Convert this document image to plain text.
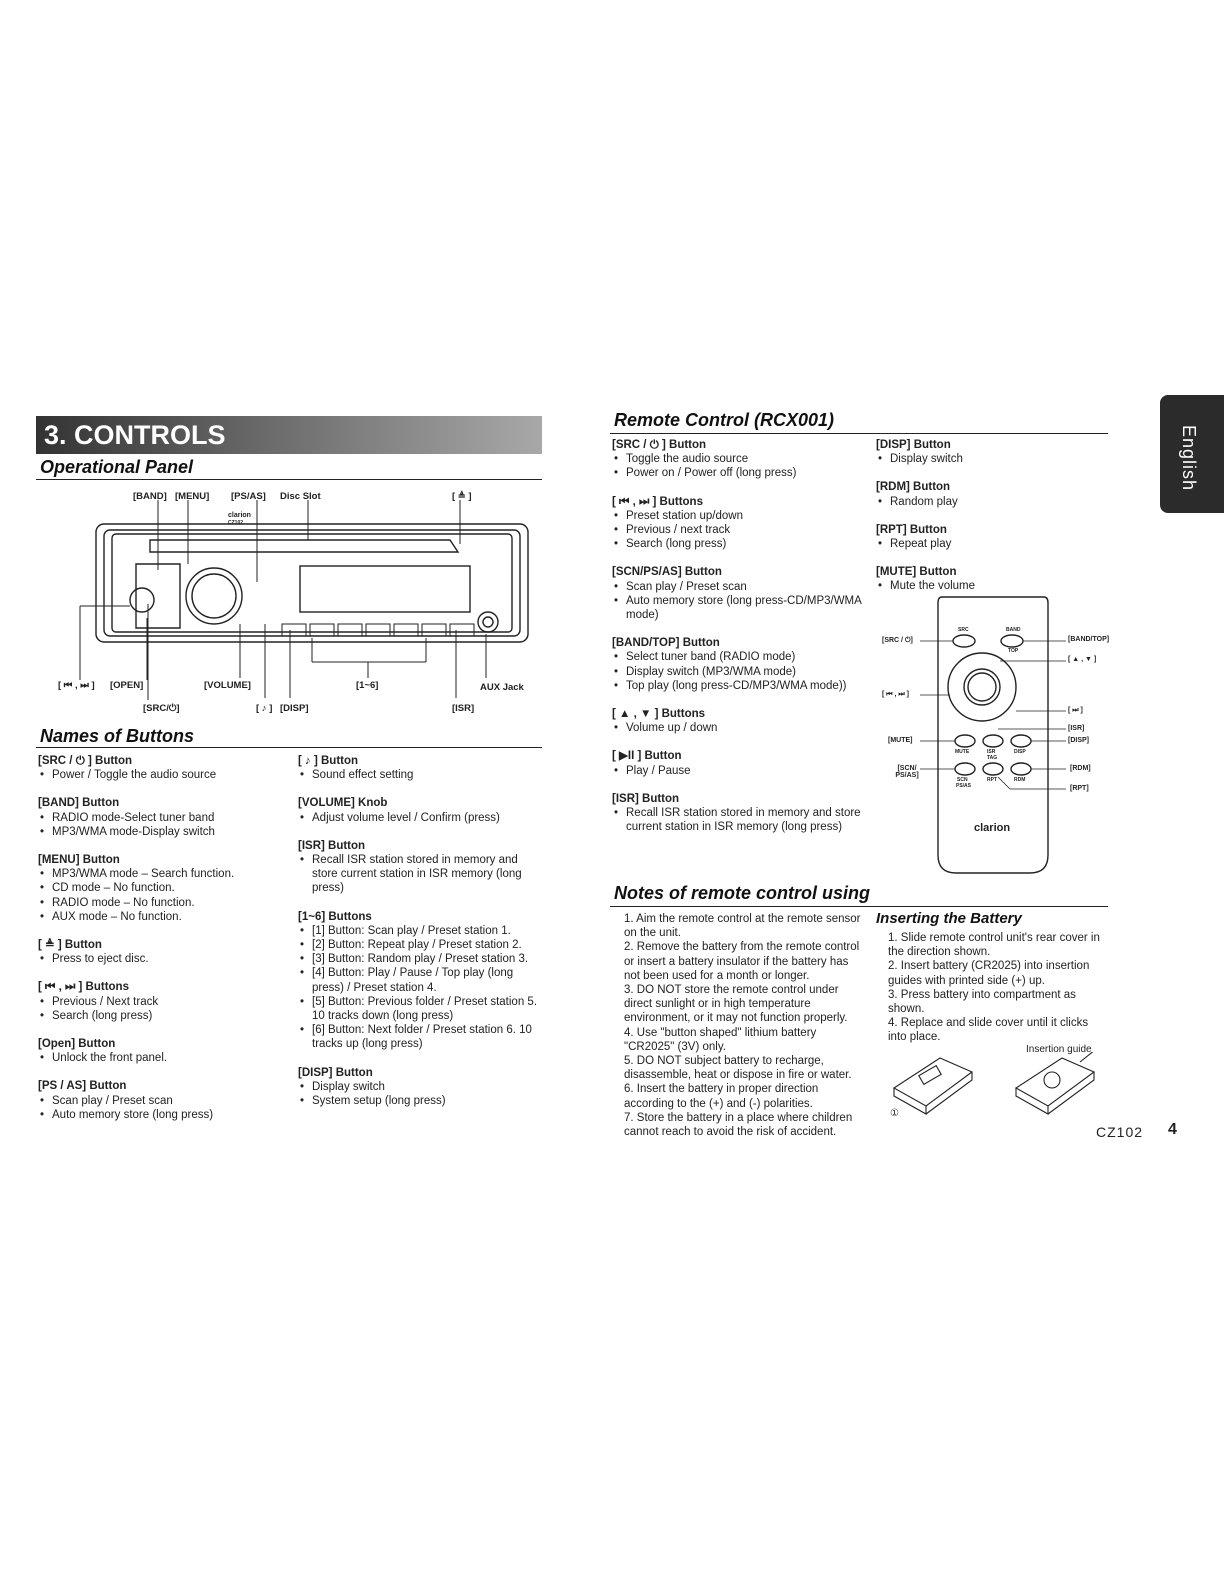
English
3. CONTROLS
Operational Panel
[BAND] [MENU] [PS/AS] Disc Slot	[ ≜ ]
clarion
CZ102
[ ⏮ , ⏭ ] [OPEN]	[VOLUME]	[1~6]	AUX Jack
[SRC/⏻]	[ ♪ ] [DISP]	[ISR]
Names of Buttons
[SRC / ⏻ ] Button
• Power / Toggle the audio source
[BAND] Button
• RADIO mode-Select tuner band
• MP3/WMA mode-Display switch
[MENU] Button
• MP3/WMA mode – Search function.
• CD mode – No function.
• RADIO mode – No function.
• AUX mode – No function.
[ ≜ ] Button
• Press to eject disc.
[ ⏮ , ⏭ ] Buttons
• Previous / Next track
• Search (long press)
[Open] Button
• Unlock the front panel.
[PS / AS] Button
• Scan play / Preset scan
• Auto memory store (long press)
[ ♪ ] Button
• Sound effect setting
[VOLUME] Knob
• Adjust volume level / Confirm (press)
[ISR] Button
• Recall ISR station stored in memory and store current station in ISR memory (long press)
[1~6] Buttons
• [1] Button: Scan play / Preset station 1.
• [2] Button: Repeat play / Preset station 2.
• [3] Button: Random play / Preset station 3.
• [4] Button: Play / Pause / Top play (long press) / Preset station 4.
• [5] Button: Previous folder / Preset station 5. 10 tracks down (long press)
• [6] Button: Next folder / Preset station 6. 10 tracks up (long press)
[DISP] Button
• Display switch
• System setup (long press)
Remote Control (RCX001)
[SRC / ⏻ ] Button
• Toggle the audio source
• Power on / Power off (long press)
[ ⏮ , ⏭ ] Buttons
• Preset station up/down
• Previous / next track
• Search (long press)
[SCN/PS/AS] Button
• Scan play / Preset scan
• Auto memory store (long press-CD/MP3/WMA mode)
[BAND/TOP] Button
• Select tuner band (RADIO mode)
• Display switch (MP3/WMA mode)
• Top play (long press-CD/MP3/WMA mode))
[ ▲ , ▼ ] Buttons
• Volume up / down
[ ▶II ] Button
• Play / Pause
[ISR] Button
• Recall ISR station stored in memory and store current station in ISR memory (long press)
[DISP] Button
• Display switch
[RDM] Button
• Random play
[RPT] Button
• Repeat play
[MUTE] Button
• Mute the volume
[SRC / ⏻]	[BAND/TOP]
[ ▲ , ▼ ]
[ ⏮ , ⏭ ]
[ ⏭ ]
[ISR]
[DISP]
[MUTE]
[SCN/ PS/AS]
[RDM]
[RPT]
SRC	BAND
TOP
MUTE	ISR
TAG
DISP
SCN
PS/AS
RPT	RDM
clarion
Notes of remote control using
1. Aim the remote control at the remote sensor on the unit.
2. Remove the battery from the remote control or insert a battery insulator if the battery has not been used for a month or longer.
3. DO NOT store the remote control under direct sunlight or in high temperature environment, or it may not function properly.
4. Use "button shaped" lithium battery "CR2025" (3V) only.
5. DO NOT subject battery to recharge, disassemble, heat or dispose in fire or water.
6. Insert the battery in proper direction according to the (+) and (-) polarities.
7. Store the battery in a place where children cannot reach to avoid the risk of accident.
Inserting the Battery
1. Slide remote control unit's rear cover in the direction shown.
2. Insert battery (CR2025) into insertion guides with printed side (+) up.
3. Press battery into compartment as shown.
4. Replace and slide cover until it clicks into place.
Insertion guide
①
CZ102 4
